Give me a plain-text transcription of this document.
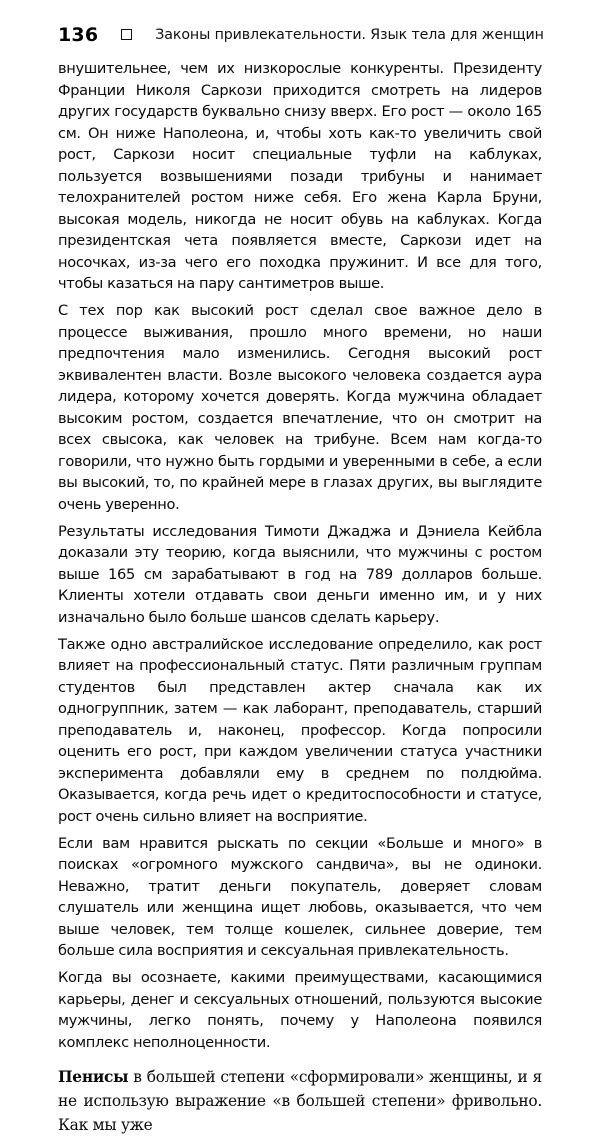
136	Законы привлекательности. Язык тела для женщин

внушительнее, чем их низкорослые конкуренты. Президенту Франции Николя Саркози приходится смотреть на лидеров других государств буквально снизу вверх. Его рост — около 165 см. Он ниже Наполеона, и, чтобы хоть как-то увеличить свой рост, Саркози носит специальные туфли на каблуках, пользуется возвышениями позади трибуны и нанимает телохранителей ростом ниже себя. Его жена Карла Бруни, высокая модель, никогда не носит обувь на каблуках. Когда президентская чета появляется вместе, Саркози идет на носочках, из-за чего его походка пружинит. И все для того, чтобы казаться на пару сантиметров выше.

С тех пор как высокий рост сделал свое важное дело в процессе выживания, прошло много времени, но наши предпочтения мало изменились. Сегодня высокий рост эквивалентен власти. Возле высокого человека создается аура лидера, которому хочется доверять. Когда мужчина обладает высоким ростом, создается впечатление, что он смотрит на всех свысока, как человек на трибуне. Всем нам когда-то говорили, что нужно быть гордыми и уверенными в себе, а если вы высокий, то, по крайней мере в глазах других, вы выглядите очень уверенно.

Результаты исследования Тимоти Джаджа и Дэниела Кейбла доказали эту теорию, когда выяснили, что мужчины с ростом выше 165 см зарабатывают в год на 789 долларов больше. Клиенты хотели отдавать свои деньги именно им, и у них изначально было больше шансов сделать карьеру.

Также одно австралийское исследование определило, как рост влияет на профессиональный статус. Пяти различным группам студентов был представлен актер сначала как их одногруппник, затем — как лаборант, преподаватель, старший преподаватель и, наконец, профессор. Когда попросили оценить его рост, при каждом увеличении статуса участники эксперимента добавляли ему в среднем по полдюйма. Оказывается, когда речь идет о кредитоспособности и статусе, рост очень сильно влияет на восприятие.

Если вам нравится рыскать по секции «Больше и много» в поисках «огромного мужского сандвича», вы не одиноки. Неважно, тратит деньги покупатель, доверяет словам слушатель или женщина ищет любовь, оказывается, что чем выше человек, тем толще кошелек, сильнее доверие, тем больше сила восприятия и сексуальная привлекательность.

Когда вы осознаете, какими преимуществами, касающимися карьеры, денег и сексуальных отношений, пользуются высокие мужчины, легко понять, почему у Наполеона появился комплекс неполноценности.

Пенисы в большей степени «сформировали» женщины, и я не использую выражение «в большей степени» фривольно. Как мы уже
